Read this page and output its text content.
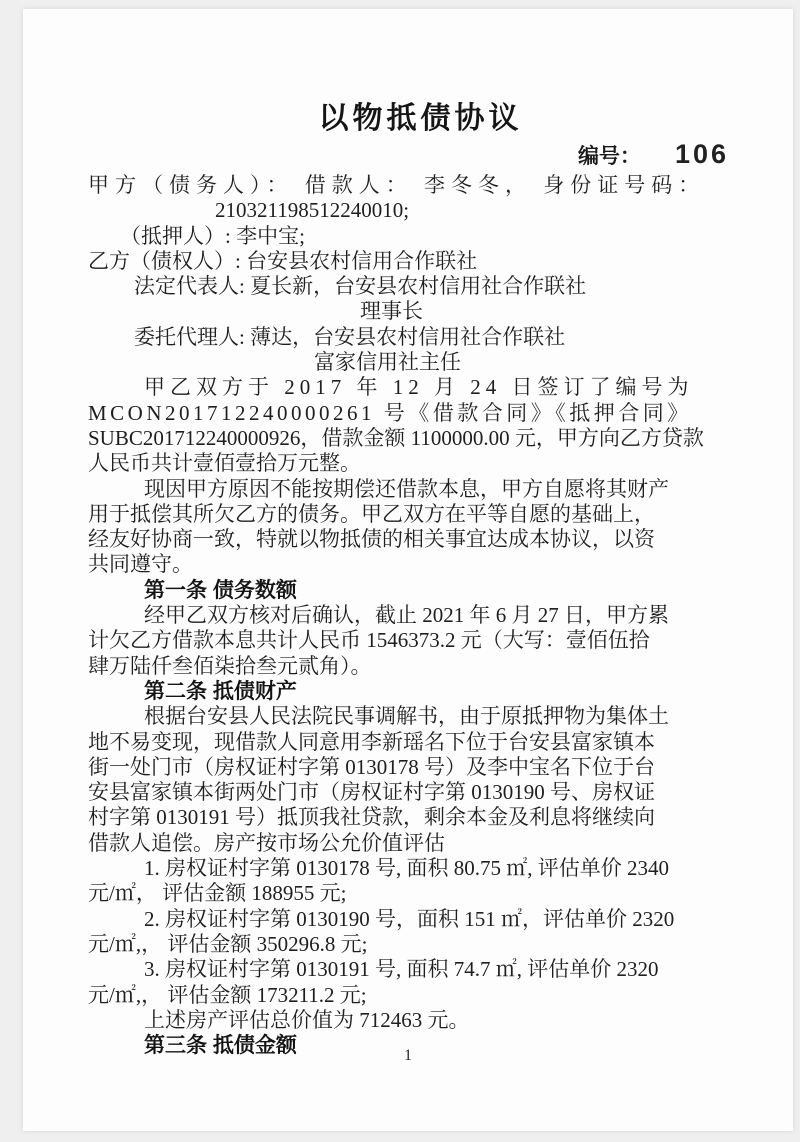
以物抵债协议
编号： 106
甲方（债务人）： 借款人： 李冬冬， 身份证号码：
210321198512240010;
（抵押人）: 李中宝;
乙方（债权人）: 台安县农村信用合作联社
法定代表人: 夏长新，台安县农村信用社合作联社
理事长
委托代理人: 薄达，台安县农村信用社合作联社
富家信用社主任
甲乙双方于 2017 年 12 月 24 日签订了编号为
MCON201712240000261 号《借款合同》《抵押合同》
SUBC201712240000926，借款金额 1100000.00 元，甲方向乙方贷款
人民币共计壹佰壹拾万元整。
现因甲方原因不能按期偿还借款本息，甲方自愿将其财产
用于抵偿其所欠乙方的债务。甲乙双方在平等自愿的基础上，
经友好协商一致，特就以物抵债的相关事宜达成本协议，以资
共同遵守。
第一条 债务数额
经甲乙双方核对后确认，截止 2021 年 6 月 27 日，甲方累
计欠乙方借款本息共计人民币 1546373.2 元（大写：壹佰伍拾
肆万陆仟叁佰柒拾叁元贰角）。
第二条 抵债财产
根据台安县人民法院民事调解书，由于原抵押物为集体土
地不易变现，现借款人同意用李新瑶名下位于台安县富家镇本
街一处门市（房权证村字第 0130178 号）及李中宝名下位于台
安县富家镇本街两处门市（房权证村字第 0130190 号、房权证
村字第 0130191 号）抵顶我社贷款，剩余本金及利息将继续向
借款人追偿。房产按市场公允价值评估
1. 房权证村字第 0130178 号, 面积 80.75 ㎡, 评估单价 2340
元/㎡， 评估金额 188955 元;
2. 房权证村字第 0130190 号，面积 151 ㎡，评估单价 2320
元/㎡,， 评估金额 350296.8 元;
3. 房权证村字第 0130191 号, 面积 74.7 ㎡, 评估单价 2320
元/㎡,， 评估金额 173211.2 元;
上述房产评估总价值为 712463 元。
第三条 抵债金额	1
